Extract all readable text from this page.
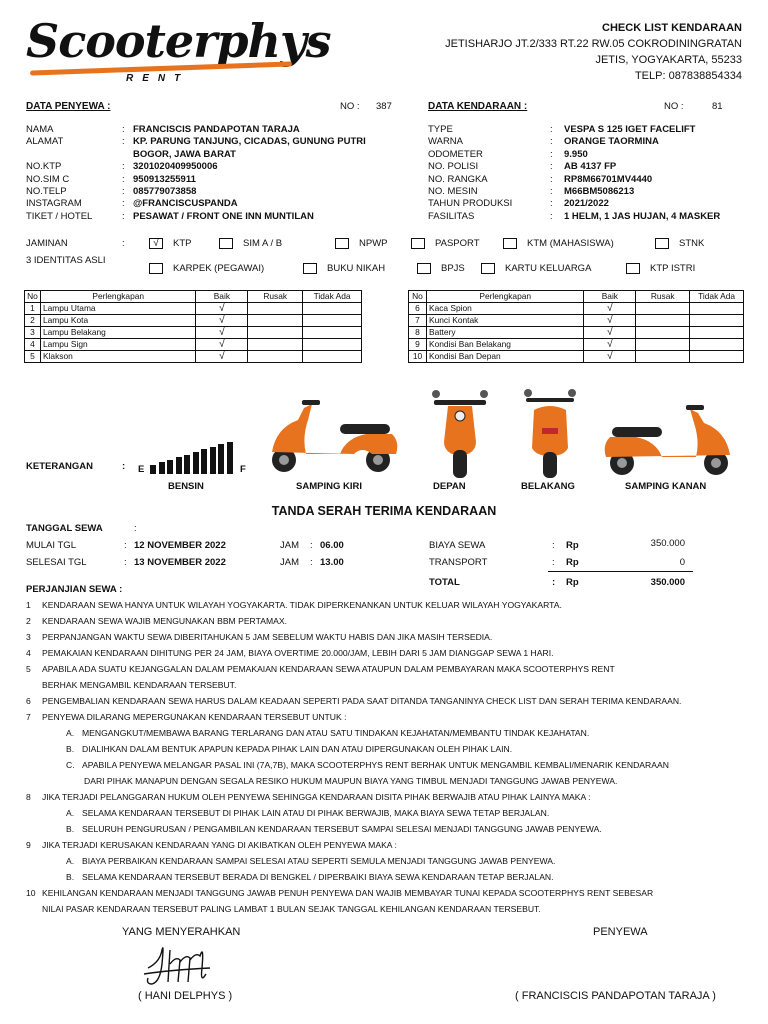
Scooterphys
RENT
CHECK LIST KENDARAAN
JETISHARJO JT.2/333 RT.22 RW.05 COKRODININGRATAN
JETIS, YOGYAKARTA, 55233
TELP: 087838854334
DATA PENYEWA :	NO : 387
NAMA	: FRANCISCIS PANDAPOTAN TARAJA
ALAMAT	: KP. PARUNG TANJUNG, CICADAS, GUNUNG PUTRI
BOGOR, JAWA BARAT
NO.KTP	: 3201020409950006
NO.SIM C	: 950913255911
NO.TELP	: 085779073858
INSTAGRAM	: @FRANCISCUSPANDA
TIKET / HOTEL	: PESAWAT / FRONT ONE INN MUNTILAN
DATA KENDARAAN :	NO :	81
TYPE	: VESPA S 125 IGET FACELIFT
WARNA	: ORANGE TAORMINA
ODOMETER	: 9.950
NO. POLISI	: AB 4137 FP
NO. RANGKA	: RP8M66701MV4440
NO. MESIN	: M66BM5086213
TAHUN PRODUKSI	: 2021/2022
FASILITAS	: 1 HELM, 1 JAS HUJAN, 4 MASKER
JAMINAN	:
3 IDENTITAS ASLI
√	KTP	SIM A / B	NPWP	PASPORT	KTM (MAHASISWA)	STNK
KARPEK (PEGAWAI)	BUKU NIKAH	BPJS	KARTU KELUARGA	KTP ISTRI
No	Perlengkapan	Baik	Rusak	Tidak Ada
1	Lampu Utama	√		
2	Lampu Kota	√		
3	Lampu Belakang	√		
4	Lampu Sign	√		
5	Klakson	√		
No	Perlengkapan	Baik	Rusak	Tidak Ada
6	Kaca Spion	√		
7	Kunci Kontak	√		
8	Battery	√		
9	Kondisi Ban Belakang	√		
10	Kondisi Ban Depan	√		
KETERANGAN	: E	F
BENSIN	SAMPING KIRI	DEPAN	BELAKANG	SAMPING KANAN
TANDA SERAH TERIMA KENDARAAN
TANGGAL SEWA	:
MULAI TGL	: 12 NOVEMBER 2022	JAM : 06.00
SELESAI TGL	: 13 NOVEMBER 2022	JAM : 13.00
BIAYA SEWA	: Rp	350.000
TRANSPORT	: Rp	0
TOTAL	: Rp	350.000
PERJANJIAN SEWA :
1 KENDARAAN SEWA HANYA UNTUK WILAYAH YOGYAKARTA. TIDAK DIPERKENANKAN UNTUK KELUAR WILAYAH YOGYAKARTA.
2 KENDARAAN SEWA WAJIB MENGUNAKAN BBM PERTAMAX.
3 PERPANJANGAN WAKTU SEWA DIBERITAHUKAN 5 JAM SEBELUM WAKTU HABIS DAN JIKA MASIH TERSEDIA.
4 PEMAKAIAN KENDARAAN DIHITUNG PER 24 JAM, BIAYA OVERTIME 20.000/JAM, LEBIH DARI 5 JAM DIANGGAP SEWA 1 HARI.
5 APABILA ADA SUATU KEJANGGALAN DALAM PEMAKAIAN KENDARAAN SEWA ATAUPUN DALAM PEMBAYARAN MAKA SCOOTERPHYS RENT
BERHAK MENGAMBIL KENDARAAN TERSEBUT.
6 PENGEMBALIAN KENDARAAN SEWA HARUS DALAM KEADAAN SEPERTI PADA SAAT DITANDA TANGANINYA CHECK LIST DAN SERAH TERIMA KENDARAAN.
7 PENYEWA DILARANG MEPERGUNAKAN KENDARAAN TERSEBUT UNTUK :
A. MENGANGKUT/MEMBAWA BARANG TERLARANG DAN ATAU SATU TINDAKAN KEJAHATAN/MEMBANTU TINDAK KEJAHATAN.
B. DIALIHKAN DALAM BENTUK APAPUN KEPADA PIHAK LAIN DAN ATAU DIPERGUNAKAN OLEH PIHAK LAIN.
C. APABILA PENYEWA MELANGAR PASAL INI (7A,7B), MAKA SCOOTERPHYS RENT BERHAK UNTUK MENGAMBIL KEMBALI/MENARIK KENDARAAN
DARI PIHAK MANAPUN DENGAN SEGALA RESIKO HUKUM MAUPUN BIAYA YANG TIMBUL MENJADI TANGGUNG JAWAB PENYEWA.
8 JIKA TERJADI PELANGGARAN HUKUM OLEH PENYEWA SEHINGGA KENDARAAN DISITA PIHAK BERWAJIB ATAU PIHAK LAINYA MAKA :
A. SELAMA KENDARAAN TERSEBUT DI PIHAK LAIN ATAU DI PIHAK BERWAJIB, MAKA BIAYA SEWA TETAP BERJALAN.
B. SELURUH PENGURUSAN / PENGAMBILAN KENDARAAN TERSEBUT SAMPAI SELESAI MENJADI TANGGUNG JAWAB PENYEWA.
9 JIKA TERJADI KERUSAKAN KENDARAAN YANG DI AKIBATKAN OLEH PENYEWA MAKA :
A. BIAYA PERBAIKAN KENDARAAN SAMPAI SELESAI ATAU SEPERTI SEMULA MENJADI TANGGUNG JAWAB PENYEWA.
B. SELAMA KENDARAAN TERSEBUT BERADA DI BENGKEL / DIPERBAIKI BIAYA SEWA KENDARAAN TETAP BERJALAN.
10 KEHILANGAN KENDARAAN MENJADI TANGGUNG JAWAB PENUH PENYEWA DAN WAJIB MEMBAYAR TUNAI KEPADA SCOOTERPHYS RENT SEBESAR
NILAI PASAR KENDARAAN TERSEBUT PALING LAMBAT 1 BULAN SEJAK TANGGAL KEHILANGAN KENDARAAN TERSEBUT.
YANG MENYERAHKAN
( HANI DELPHYS )
PENYEWA
( FRANCISCIS PANDAPOTAN TARAJA )
